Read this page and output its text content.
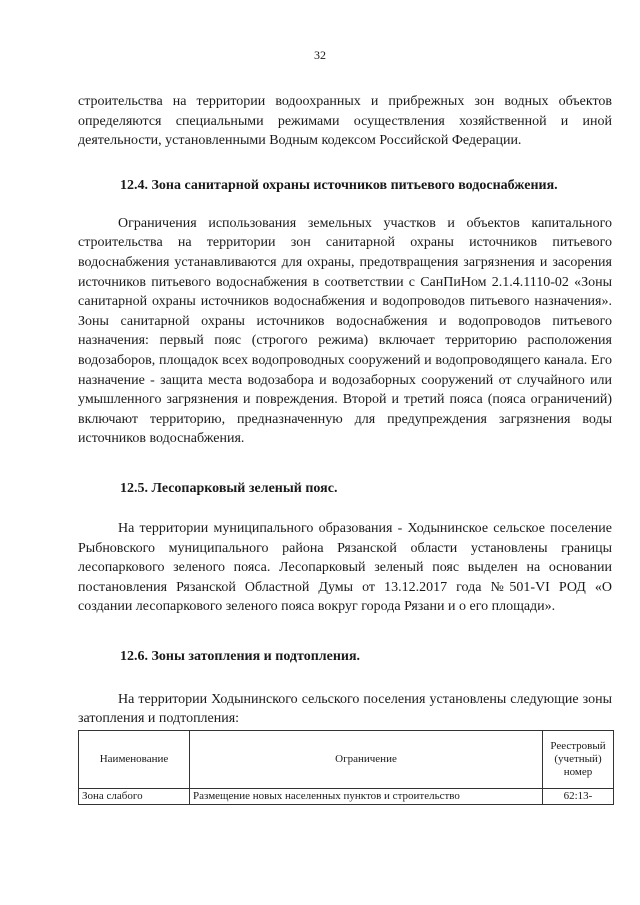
32

строительства на территории водоохранных и прибрежных зон водных объектов определяются специальными режимами осуществления хозяйственной и иной деятельности, установленными Водным кодексом Российской Федерации.

12.4. Зона санитарной охраны источников питьевого водоснабжения.

Ограничения использования земельных участков и объектов капитального строительства на территории зон санитарной охраны источников питьевого водоснабжения устанавливаются для охраны, предотвращения загрязнения и засорения источников питьевого водоснабжения в соответствии с СанПиНом 2.1.4.1110-02 «Зоны санитарной охраны источников водоснабжения и водопроводов питьевого назначения». Зоны санитарной охраны источников водоснабжения и водопроводов питьевого назначения: первый пояс (строгого режима) включает территорию расположения водозаборов, площадок всех водопроводных сооружений и водопроводящего канала. Его назначение - защита места водозабора и водозаборных сооружений от случайного или умышленного загрязнения и повреждения. Второй и третий пояса (пояса ограничений) включают территорию, предназначенную для предупреждения загрязнения воды источников водоснабжения.

12.5. Лесопарковый зеленый пояс.

На территории муниципального образования - Ходынинское сельское поселение Рыбновского муниципального района Рязанской области установлены границы лесопаркового зеленого пояса. Лесопарковый зеленый пояс выделен на основании постановления Рязанской Областной Думы от 13.12.2017 года №501-VI РОД «О создании лесопаркового зеленого пояса вокруг города Рязани и о его площади».

12.6. Зоны затопления и подтопления.

На территории Ходынинского сельского поселения установлены следующие зоны затопления и подтопления:

Наименование	Ограничение	Реестровый (учетный) номер
Зона слабого	Размещение новых населенных пунктов и строительство	62:13-
